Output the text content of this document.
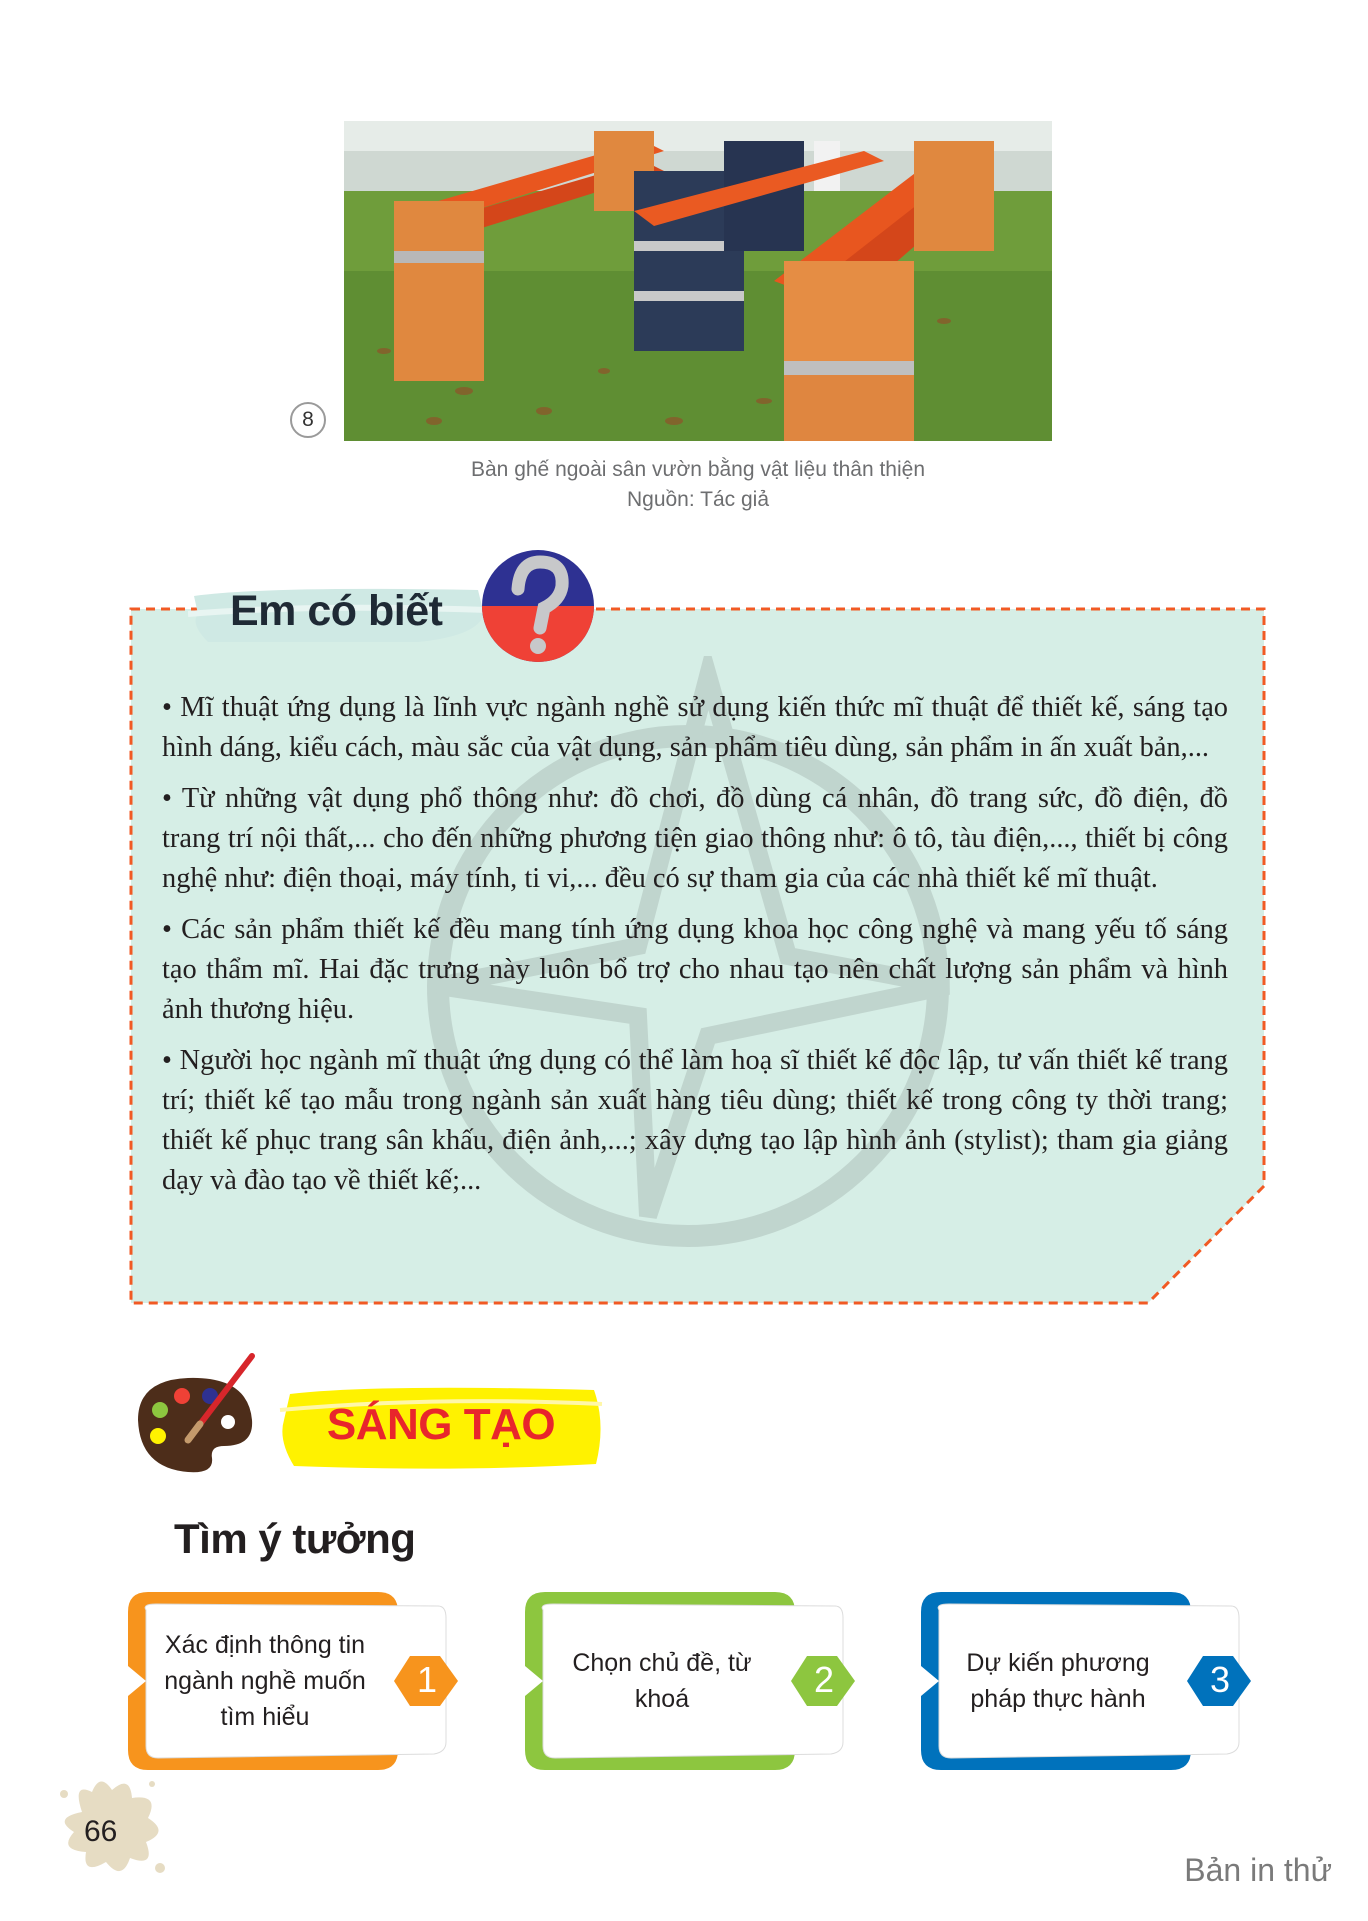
8
Bàn ghế ngoài sân vườn bằng vật liệu thân thiện
Nguồn: Tác giả

• Mĩ thuật ứng dụng là lĩnh vực ngành nghề sử dụng kiến thức mĩ thuật để thiết kế, sáng tạo hình dáng, kiểu cách, màu sắc của vật dụng, sản phẩm tiêu dùng, sản phẩm in ấn xuất bản,...

• Từ những vật dụng phổ thông như: đồ chơi, đồ dùng cá nhân, đồ trang sức, đồ điện, đồ trang trí nội thất,... cho đến những phương tiện giao thông như: ô tô, tàu điện,..., thiết bị công nghệ như: điện thoại, máy tính, ti vi,... đều có sự tham gia của các nhà thiết kế mĩ thuật.

• Các sản phẩm thiết kế đều mang tính ứng dụng khoa học công nghệ và mang yếu tố sáng tạo thẩm mĩ. Hai đặc trưng này luôn bổ trợ cho nhau tạo nên chất lượng sản phẩm và hình ảnh thương hiệu.

• Người học ngành mĩ thuật ứng dụng có thể làm hoạ sĩ thiết kế độc lập, tư vấn thiết kế trang trí; thiết kế tạo mẫu trong ngành sản xuất hàng tiêu dùng; thiết kế trong công ty thời trang; thiết kế phục trang sân khấu, điện ảnh,...; xây dựng tạo lập hình ảnh (stylist); tham gia giảng dạy và đào tạo về thiết kế;...

Em có biết
SÁNG TẠO
Tìm ý tưởng
Xác định thông tin ngành nghề muốn tìm hiểu
1	Chọn chủ đề, từ khoá	2	Dự kiến phương pháp thực hành	3
66
Bản in thử
